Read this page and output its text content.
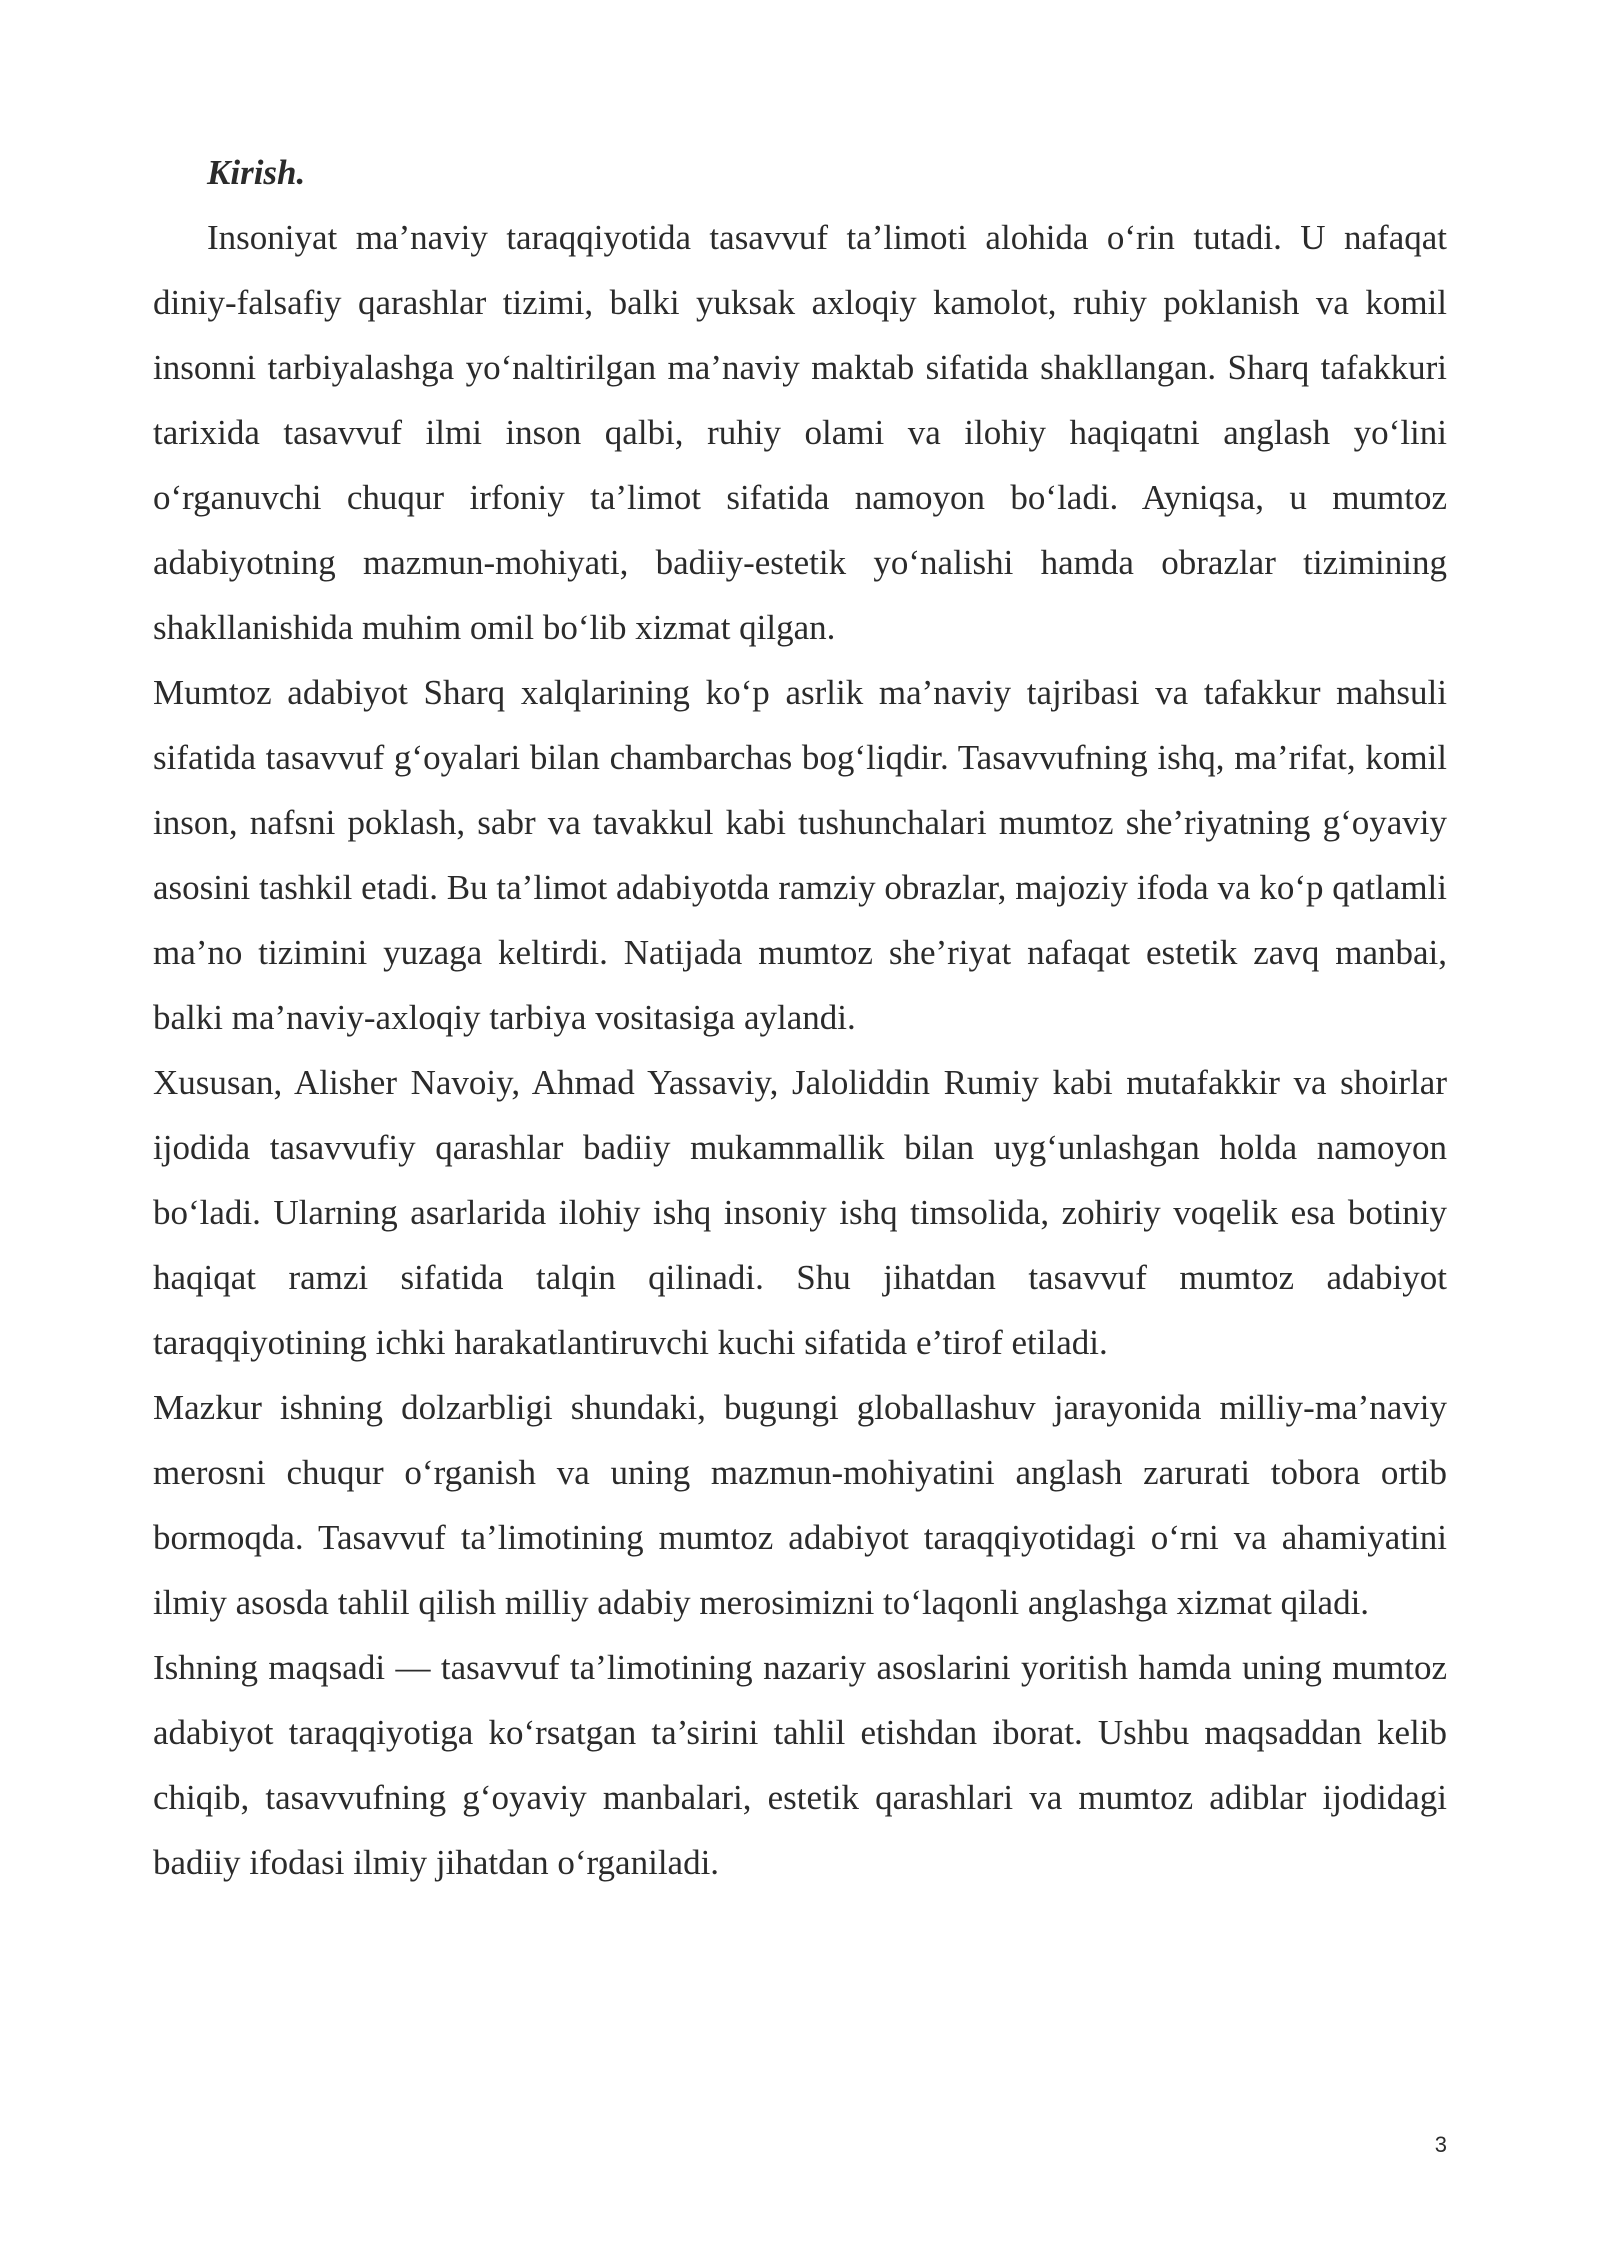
Kirish.

Insoniyat ma’naviy taraqqiyotida tasavvuf ta’limoti alohida o‘rin tutadi. U nafaqat diniy-falsafiy qarashlar tizimi, balki yuksak axloqiy kamolot, ruhiy poklanish va komil insonni tarbiyalashga yo‘naltirilgan ma’naviy maktab sifatida shakllangan. Sharq tafakkuri tarixida tasavvuf ilmi inson qalbi, ruhiy olami va ilohiy haqiqatni anglash yo‘lini o‘rganuvchi chuqur irfoniy ta’limot sifatida namoyon bo‘ladi. Ayniqsa, u mumtoz adabiyotning mazmun-mohiyati, badiiy-estetik yo‘nalishi hamda obrazlar tizimining shakllanishida muhim omil bo‘lib xizmat qilgan.

Mumtoz adabiyot Sharq xalqlarining ko‘p asrlik ma’naviy tajribasi va tafakkur mahsuli sifatida tasavvuf g‘oyalari bilan chambarchas bog‘liqdir. Tasavvufning ishq, ma’rifat, komil inson, nafsni poklash, sabr va tavakkul kabi tushunchalari mumtoz she’riyatning g‘oyaviy asosini tashkil etadi. Bu ta’limot adabiyotda ramziy obrazlar, majoziy ifoda va ko‘p qatlamli ma’no tizimini yuzaga keltirdi. Natijada mumtoz she’riyat nafaqat estetik zavq manbai, balki ma’naviy-axloqiy tarbiya vositasiga aylandi.

Xususan, Alisher Navoiy, Ahmad Yassaviy, Jaloliddin Rumiy kabi mutafakkir va shoirlar ijodida tasavvufiy qarashlar badiiy mukammallik bilan uyg‘unlashgan holda namoyon bo‘ladi. Ularning asarlarida ilohiy ishq insoniy ishq timsolida, zohiriy voqelik esa botiniy haqiqat ramzi sifatida talqin qilinadi. Shu jihatdan tasavvuf mumtoz adabiyot taraqqiyotining ichki harakatlantiruvchi kuchi sifatida e’tirof etiladi.

Mazkur ishning dolzarbligi shundaki, bugungi globallashuv jarayonida milliy-ma’naviy merosni chuqur o‘rganish va uning mazmun-mohiyatini anglash zarurati tobora ortib bormoqda. Tasavvuf ta’limotining mumtoz adabiyot taraqqiyotidagi o‘rni va ahamiyatini ilmiy asosda tahlil qilish milliy adabiy merosimizni to‘laqonli anglashga xizmat qiladi.

Ishning maqsadi — tasavvuf ta’limotining nazariy asoslarini yoritish hamda uning mumtoz adabiyot taraqqiyotiga ko‘rsatgan ta’sirini tahlil etishdan iborat. Ushbu maqsaddan kelib chiqib, tasavvufning g‘oyaviy manbalari, estetik qarashlari va mumtoz adiblar ijodidagi badiiy ifodasi ilmiy jihatdan o‘rganiladi.

3
